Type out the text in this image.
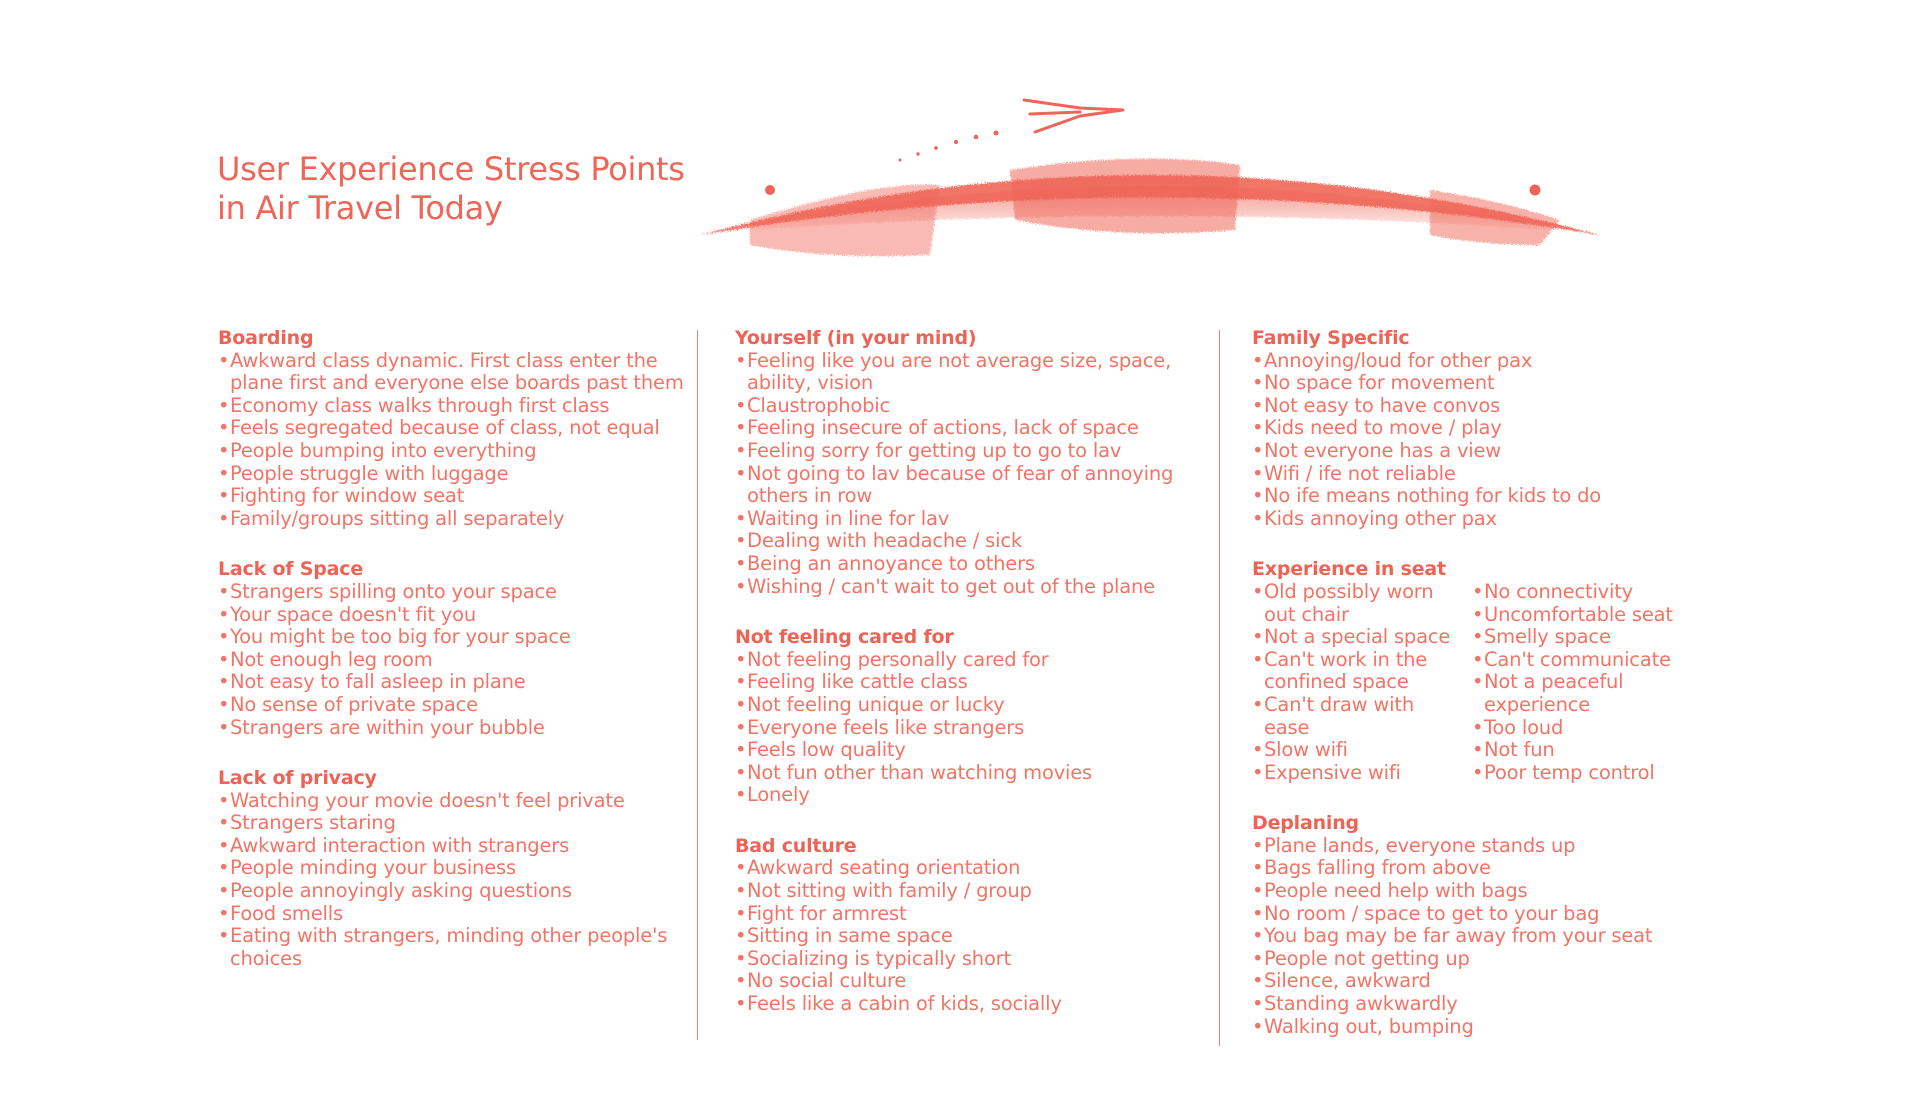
User Experience Stress Points
in Air Travel Today
Boarding
• Awkward class dynamic. First class enter the plane first and everyone else boards past them
• Economy class walks through first class
• Feels segregated because of class, not equal
• People bumping into everything
• People struggle with luggage
• Fighting for window seat
• Family/groups sitting all separately
Lack of Space
• Strangers spilling onto your space
• Your space doesn't fit you
• You might be too big for your space
• Not enough leg room
• Not easy to fall asleep in plane
• No sense of private space
• Strangers are within your bubble
Lack of privacy
• Watching your movie doesn't feel private
• Strangers staring
• Awkward interaction with strangers
• People minding your business
• People annoyingly asking questions
• Food smells
• Eating with strangers, minding other people's choices
Yourself (in your mind)
• Feeling like you are not average size, space, ability, vision
• Claustrophobic
• Feeling insecure of actions, lack of space
• Feeling sorry for getting up to go to lav
• Not going to lav because of fear of annoying others in row
• Waiting in line for lav
• Dealing with headache / sick
• Being an annoyance to others
• Wishing / can't wait to get out of the plane
Not feeling cared for
• Not feeling personally cared for
• Feeling like cattle class
• Not feeling unique or lucky
• Everyone feels like strangers
• Feels low quality
• Not fun other than watching movies
• Lonely
Bad culture
• Awkward seating orientation
• Not sitting with family / group
• Fight for armrest
• Sitting in same space
• Socializing is typically short
• No social culture
• Feels like a cabin of kids, socially
Family Specific
• Annoying/loud for other pax
• No space for movement
• Not easy to have convos
• Kids need to move / play
• Not everyone has a view
• Wifi / ife not reliable
• No ife means nothing for kids to do
• Kids annoying other pax
Experience in seat
• Old possibly worn out chair
• Not a special space
• Can't work in the confined space
• Can't draw with ease
• Slow wifi
• Expensive wifi
• No connectivity
• Uncomfortable seat
• Smelly space
• Can't communicate
• Not a peaceful experience
• Too loud
• Not fun
• Poor temp control
Deplaning
• Plane lands, everyone stands up
• Bags falling from above
• People need help with bags
• No room / space to get to your bag
• You bag may be far away from your seat
• People not getting up
• Silence, awkward
• Standing awkwardly
• Walking out, bumping
